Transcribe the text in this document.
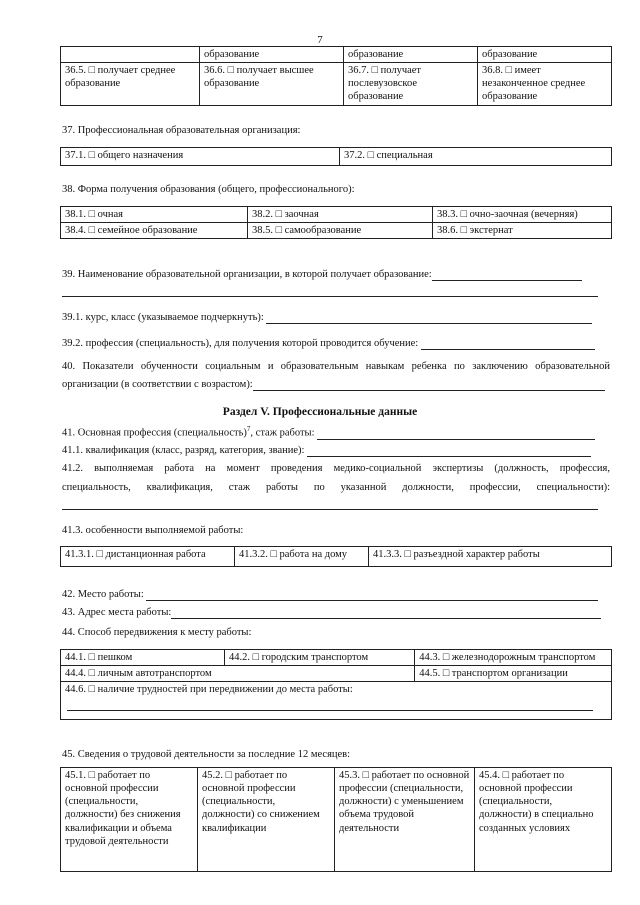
7
	образование	образование	образование
36.5. □ получает среднее образование	36.6. □ получает высшее образование	36.7. □ получает послевузовское образование	36.8. □ имеет незаконченное среднее образование
37. Профессиональная образовательная организация:
37.1. □ общего назначения	37.2. □ специальная
38. Форма получения образования (общего, профессионального):
38.1. □ очная	38.2. □ заочная	38.3. □ очно-заочная (вечерняя)
38.4. □ семейное образование	38.5. □ самообразование	38.6. □ экстернат
39. Наименование образовательной организации, в которой получает образование:
39.1. курс, класс (указываемое подчеркнуть):
39.2. профессия (специальность), для получения которой проводится обучение:
40. Показатели обученности социальным и образовательным навыкам ребенка по заключению образовательной
организации (в соответствии с возрастом):
Раздел V. Профессиональные данные
41. Основная профессия (специальность)$^7$, стаж работы:
41.1. квалификация (класс, разряд, категория, звание):
41.2. выполняемая работа на момент проведения медико-социальной экспертизы (должность, профессия,
специальность, квалификация, стаж работы по указанной должности, профессии, специальности):
41.3. особенности выполняемой работы:
41.3.1. □ дистанционная работа	41.3.2. □ работа на дому	41.3.3. □ разъездной характер работы
42. Место работы:
43. Адрес места работы:
44. Способ передвижения к месту работы:
44.1. □ пешком	44.2. □ городским транспортом	44.3. □ железнодорожным транспортом
44.4. □ личным автотранспортом		44.5. □ транспортом организации
44.6. □ наличие трудностей при передвижении до места работы:		
45. Сведения о трудовой деятельности за последние 12 месяцев:
45.1. □ работает по основной профессии (специальности, должности) без снижения квалификации и объема трудовой деятельности	45.2. □ работает по основной профессии (специальности, должности) со снижением квалификации	45.3. □ работает по основной профессии (специальности, должности) с уменьшением объема трудовой деятельности	45.4. □ работает по основной профессии (специальности, должности) в специально созданных условиях
